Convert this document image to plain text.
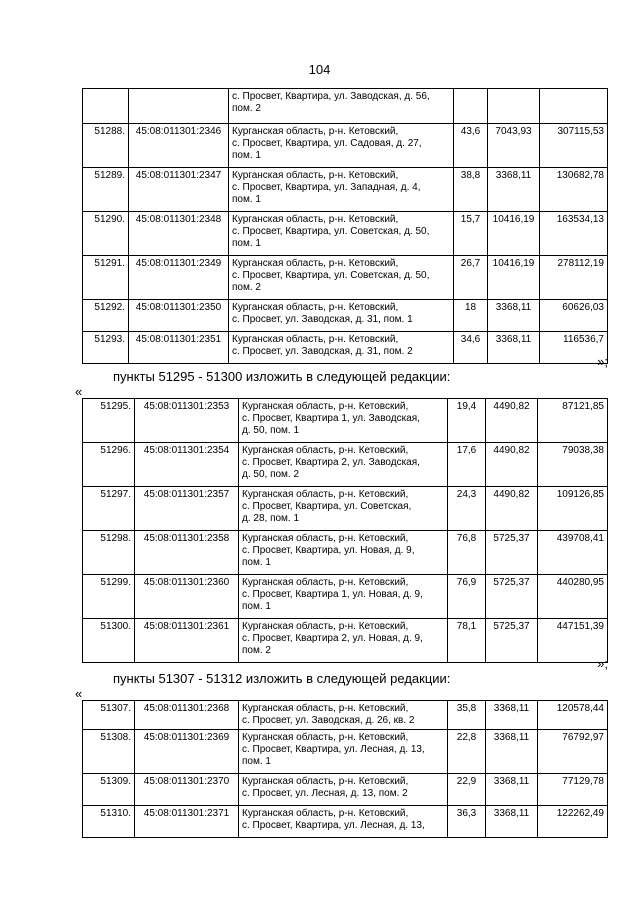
104

		с. Просвет, Квартира, ул. Заводская, д. 56,
пом. 2			

51288.	45:08:011301:2346	Курганская область, р-н. Кетовский,
с. Просвет, Квартира, ул. Садовая, д. 27,
пом. 1	43,6	7043,93	307115,53
51289.	45:08:011301:2347	Курганская область, р-н. Кетовский,
с. Просвет, Квартира, ул. Западная, д. 4,
пом. 1	38,8	3368,11	130682,78
51290.	45:08:011301:2348	Курганская область, р-н. Кетовский,
с. Просвет, Квартира, ул. Советская, д. 50,
пом. 1	15,7	10416,19	163534,13
51291.	45:08:011301:2349	Курганская область, р-н. Кетовский,
с. Просвет, Квартира, ул. Советская, д. 50,
пом. 2	26,7	10416,19	278112,19
51292.	45:08:011301:2350	Курганская область, р-н. Кетовский,
с. Просвет, ул. Заводская, д. 31, пом. 1	18	3368,11	60626,03
51293.	45:08:011301:2351	Курганская область, р-н. Кетовский,
с. Просвет, ул. Заводская, д. 31, пом. 2	34,6	3368,11	116536,7
»;
пункты 51295 - 51300 изложить в следующей редакции:
«
51295.	45:08:011301:2353	Курганская область, р-н. Кетовский,
с. Просвет, Квартира 1, ул. Заводская,
д. 50, пом. 1	19,4	4490,82	87121,85
51296.	45:08:011301:2354	Курганская область, р-н. Кетовский,
с. Просвет, Квартира 2, ул. Заводская,
д. 50, пом. 2	17,6	4490,82	79038,38
51297.	45:08:011301:2357	Курганская область, р-н. Кетовский,
с. Просвет, Квартира, ул. Советская,
д. 28, пом. 1	24,3	4490,82	109126,85
51298.	45:08:011301:2358	Курганская область, р-н. Кетовский,
с. Просвет, Квартира, ул. Новая, д. 9,
пом. 1	76,8	5725,37	439708,41
51299.	45:08:011301:2360	Курганская область, р-н. Кетовский,
с. Просвет, Квартира 1, ул. Новая, д. 9,
пом. 1	76,9	5725,37	440280,95
51300.	45:08:011301:2361	Курганская область, р-н. Кетовский,
с. Просвет, Квартира 2, ул. Новая, д. 9,
пом. 2	78,1	5725,37	447151,39
»;
пункты 51307 - 51312 изложить в следующей редакции:
«
51307.	45:08:011301:2368	Курганская область, р-н. Кетовский,
с. Просвет, ул. Заводская, д. 26, кв. 2	35,8	3368,11	120578,44
51308.	45:08:011301:2369	Курганская область, р-н. Кетовский,
с. Просвет, Квартира, ул. Лесная, д. 13,
пом. 1	22,8	3368,11	76792,97
51309.	45:08:011301:2370	Курганская область, р-н. Кетовский,
с. Просвет, ул. Лесная, д. 13, пом. 2	22,9	3368,11	77129,78
51310.	45:08:011301:2371	Курганская область, р-н. Кетовский,
с. Просвет, Квартира, ул. Лесная, д. 13,	36,3	3368,11	122262,49
